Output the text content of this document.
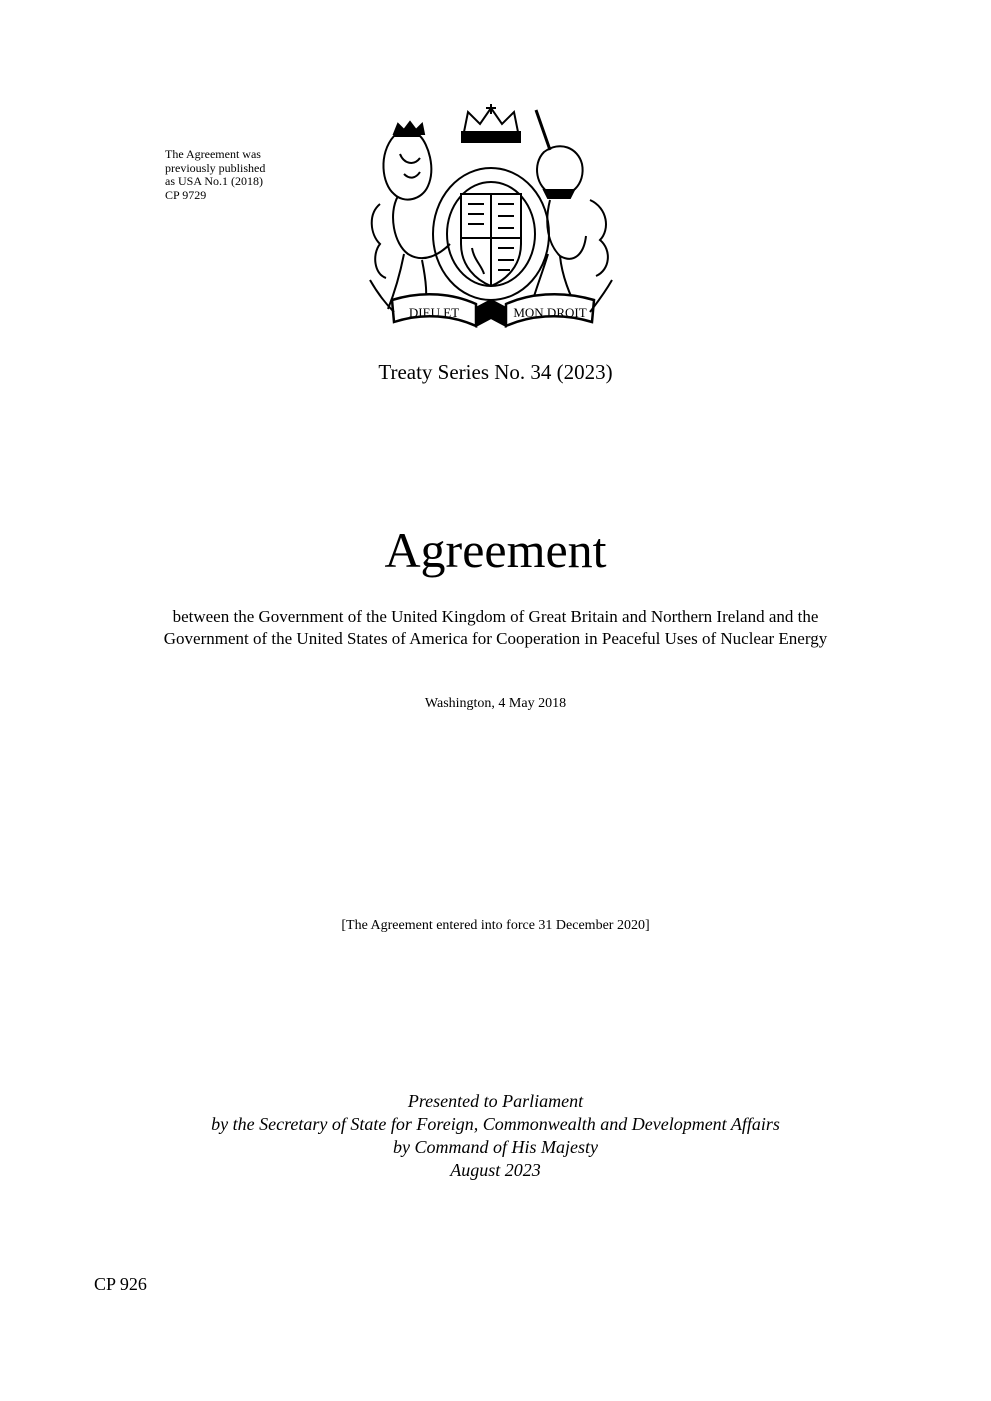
The Agreement was
previously published
as USA No.1 (2018)
CP 9729
DIEU ET	MON DROIT
Treaty Series No. 34 (2023)
Agreement
between the Government of the United Kingdom of Great Britain and Northern Ireland and the
Government of the United States of America for Cooperation in Peaceful Uses of Nuclear Energy
Washington, 4 May 2018
[The Agreement entered into force 31 December 2020]
Presented to Parliament
by the Secretary of State for Foreign, Commonwealth and Development Affairs
by Command of His Majesty
August 2023
CP 926
